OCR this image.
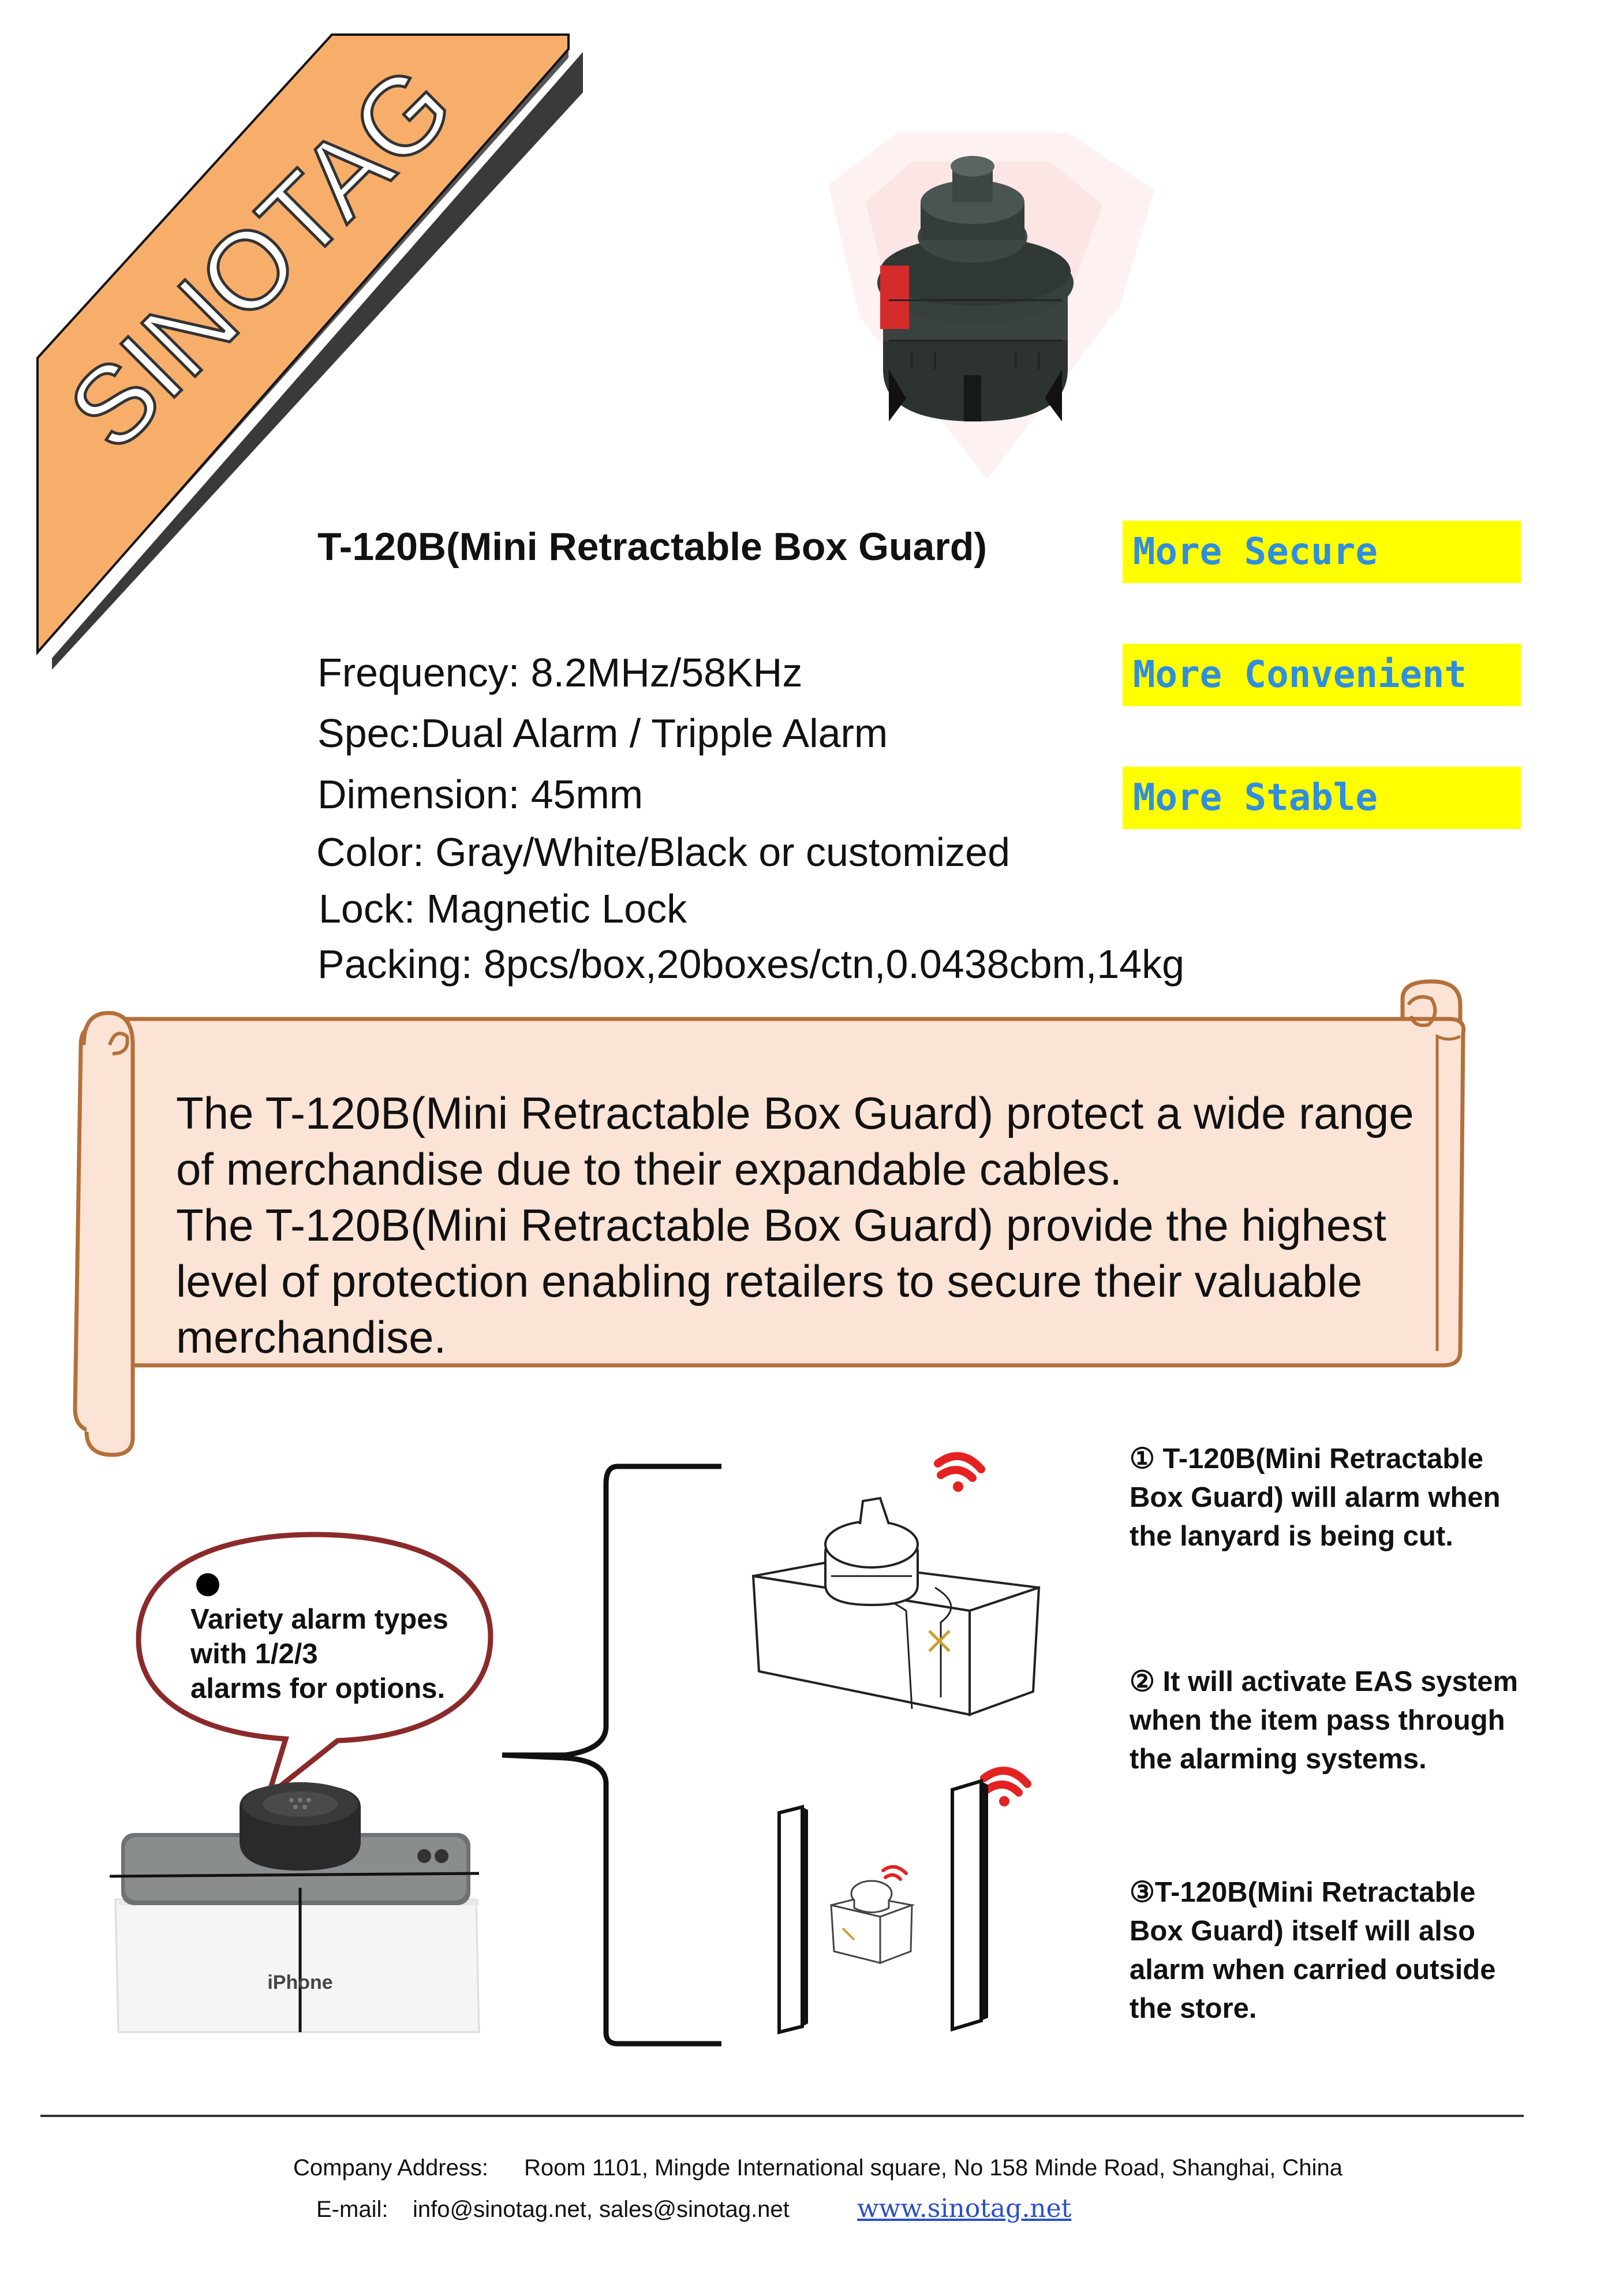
SINOTAG
T-120B(Mini Retractable Box Guard)
Frequency: 8.2MHz/58KHz
Spec:Dual Alarm / Tripple Alarm
Dimension: 45mm
Color: Gray/White/Black or customized
Lock: Magnetic Lock
Packing: 8pcs/box,20boxes/ctn,0.0438cbm,14kg
More Secure
More Convenient
More Stable

The T-120B(Mini Retractable Box Guard) protect a wide range of merchandise due to their expandable cables.

The T-120B(Mini Retractable Box Guard) provide the highest level of protection enabling retailers to secure their valuable merchandise.

Variety alarm types
with 1/2/3
alarms for options.
iPhone
① T-120B(Mini Retractable Box Guard) will alarm when the lanyard is being cut.
② It will activate EAS system when the item pass through the alarming systems.
③T-120B(Mini Retractable Box Guard) itself will also alarm when carried outside the store.
Company Address: Room 1101, Mingde International square, No 158 Minde Road, Shanghai, China
E-mail: info@sinotag.net, sales@sinotag.net	www.sinotag.net
